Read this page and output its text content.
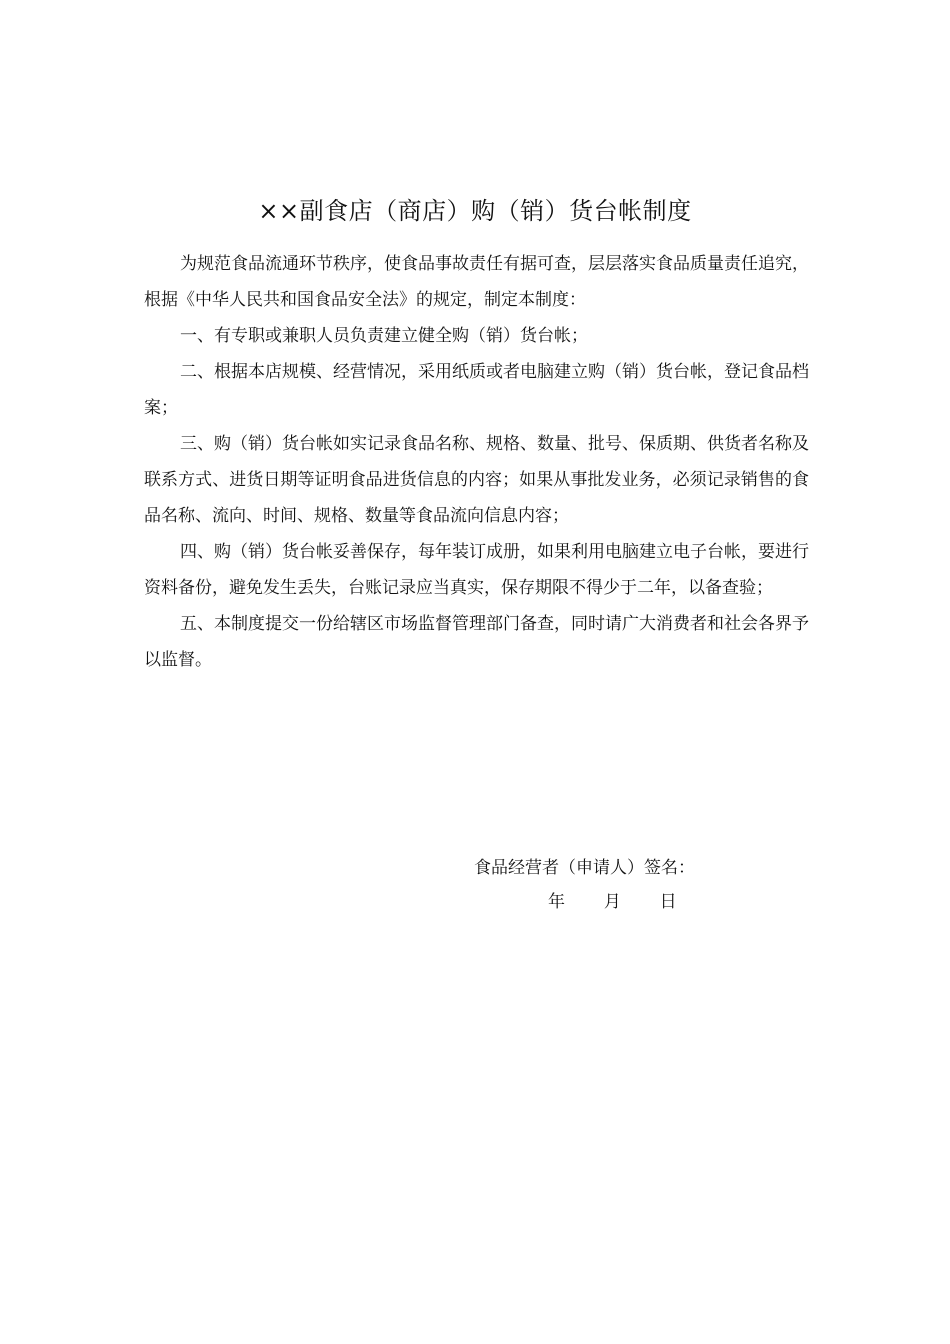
××副食店（商店）购（销）货台帐制度

为规范食品流通环节秩序，使食品事故责任有据可查，层层落实食品质量责任追究，根据《中华人民共和国食品安全法》的规定，制定本制度：

一、有专职或兼职人员负责建立健全购（销）货台帐；

二、根据本店规模、经营情况，采用纸质或者电脑建立购（销）货台帐，登记食品档案；

三、购（销）货台帐如实记录食品名称、规格、数量、批号、保质期、供货者名称及联系方式、进货日期等证明食品进货信息的内容；如果从事批发业务，必须记录销售的食品名称、流向、时间、规格、数量等食品流向信息内容；

四、购（销）货台帐妥善保存，每年装订成册，如果利用电脑建立电子台帐，要进行资料备份，避免发生丢失，台账记录应当真实，保存期限不得少于二年，以备查验；

五、本制度提交一份给辖区市场监督管理部门备查，同时请广大消费者和社会各界予以监督。

食品经营者（申请人）签名：
年 月 日
